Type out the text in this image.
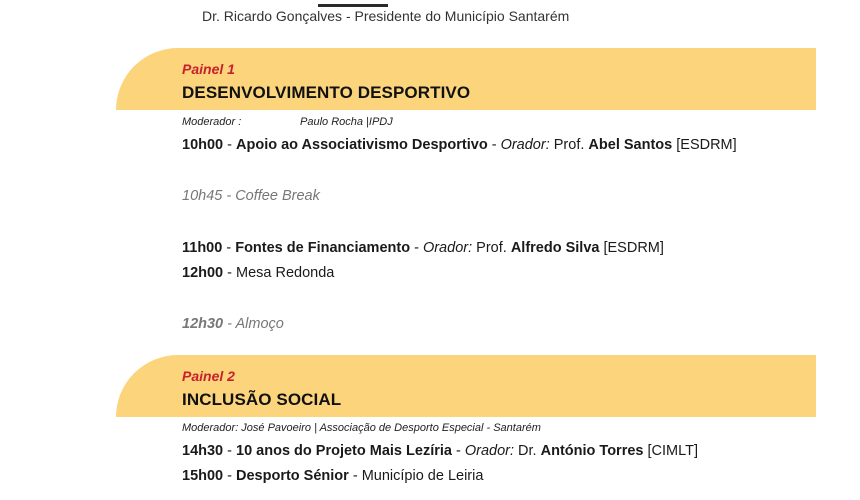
Dr. Ricardo Gonçalves - Presidente do Município Santarém
Painel 1
DESENVOLVIMENTO DESPORTIVO
Moderador :	Paulo Rocha |IPDJ
10h00 - Apoio ao Associativismo Desportivo - Orador: Prof. Abel Santos [ESDRM]
10h45 - Coffee Break
11h00 - Fontes de Financiamento - Orador: Prof. Alfredo Silva [ESDRM]
12h00 - Mesa Redonda
12h30 - Almoço
Painel 2
INCLUSÃO SOCIAL
Moderador: José Pavoeiro | Associação de Desporto Especial - Santarém
14h30 - 10 anos do Projeto Mais Lezíria - Orador: Dr. António Torres [CIMLT]
15h00 - Desporto Sénior - Município de Leiria
